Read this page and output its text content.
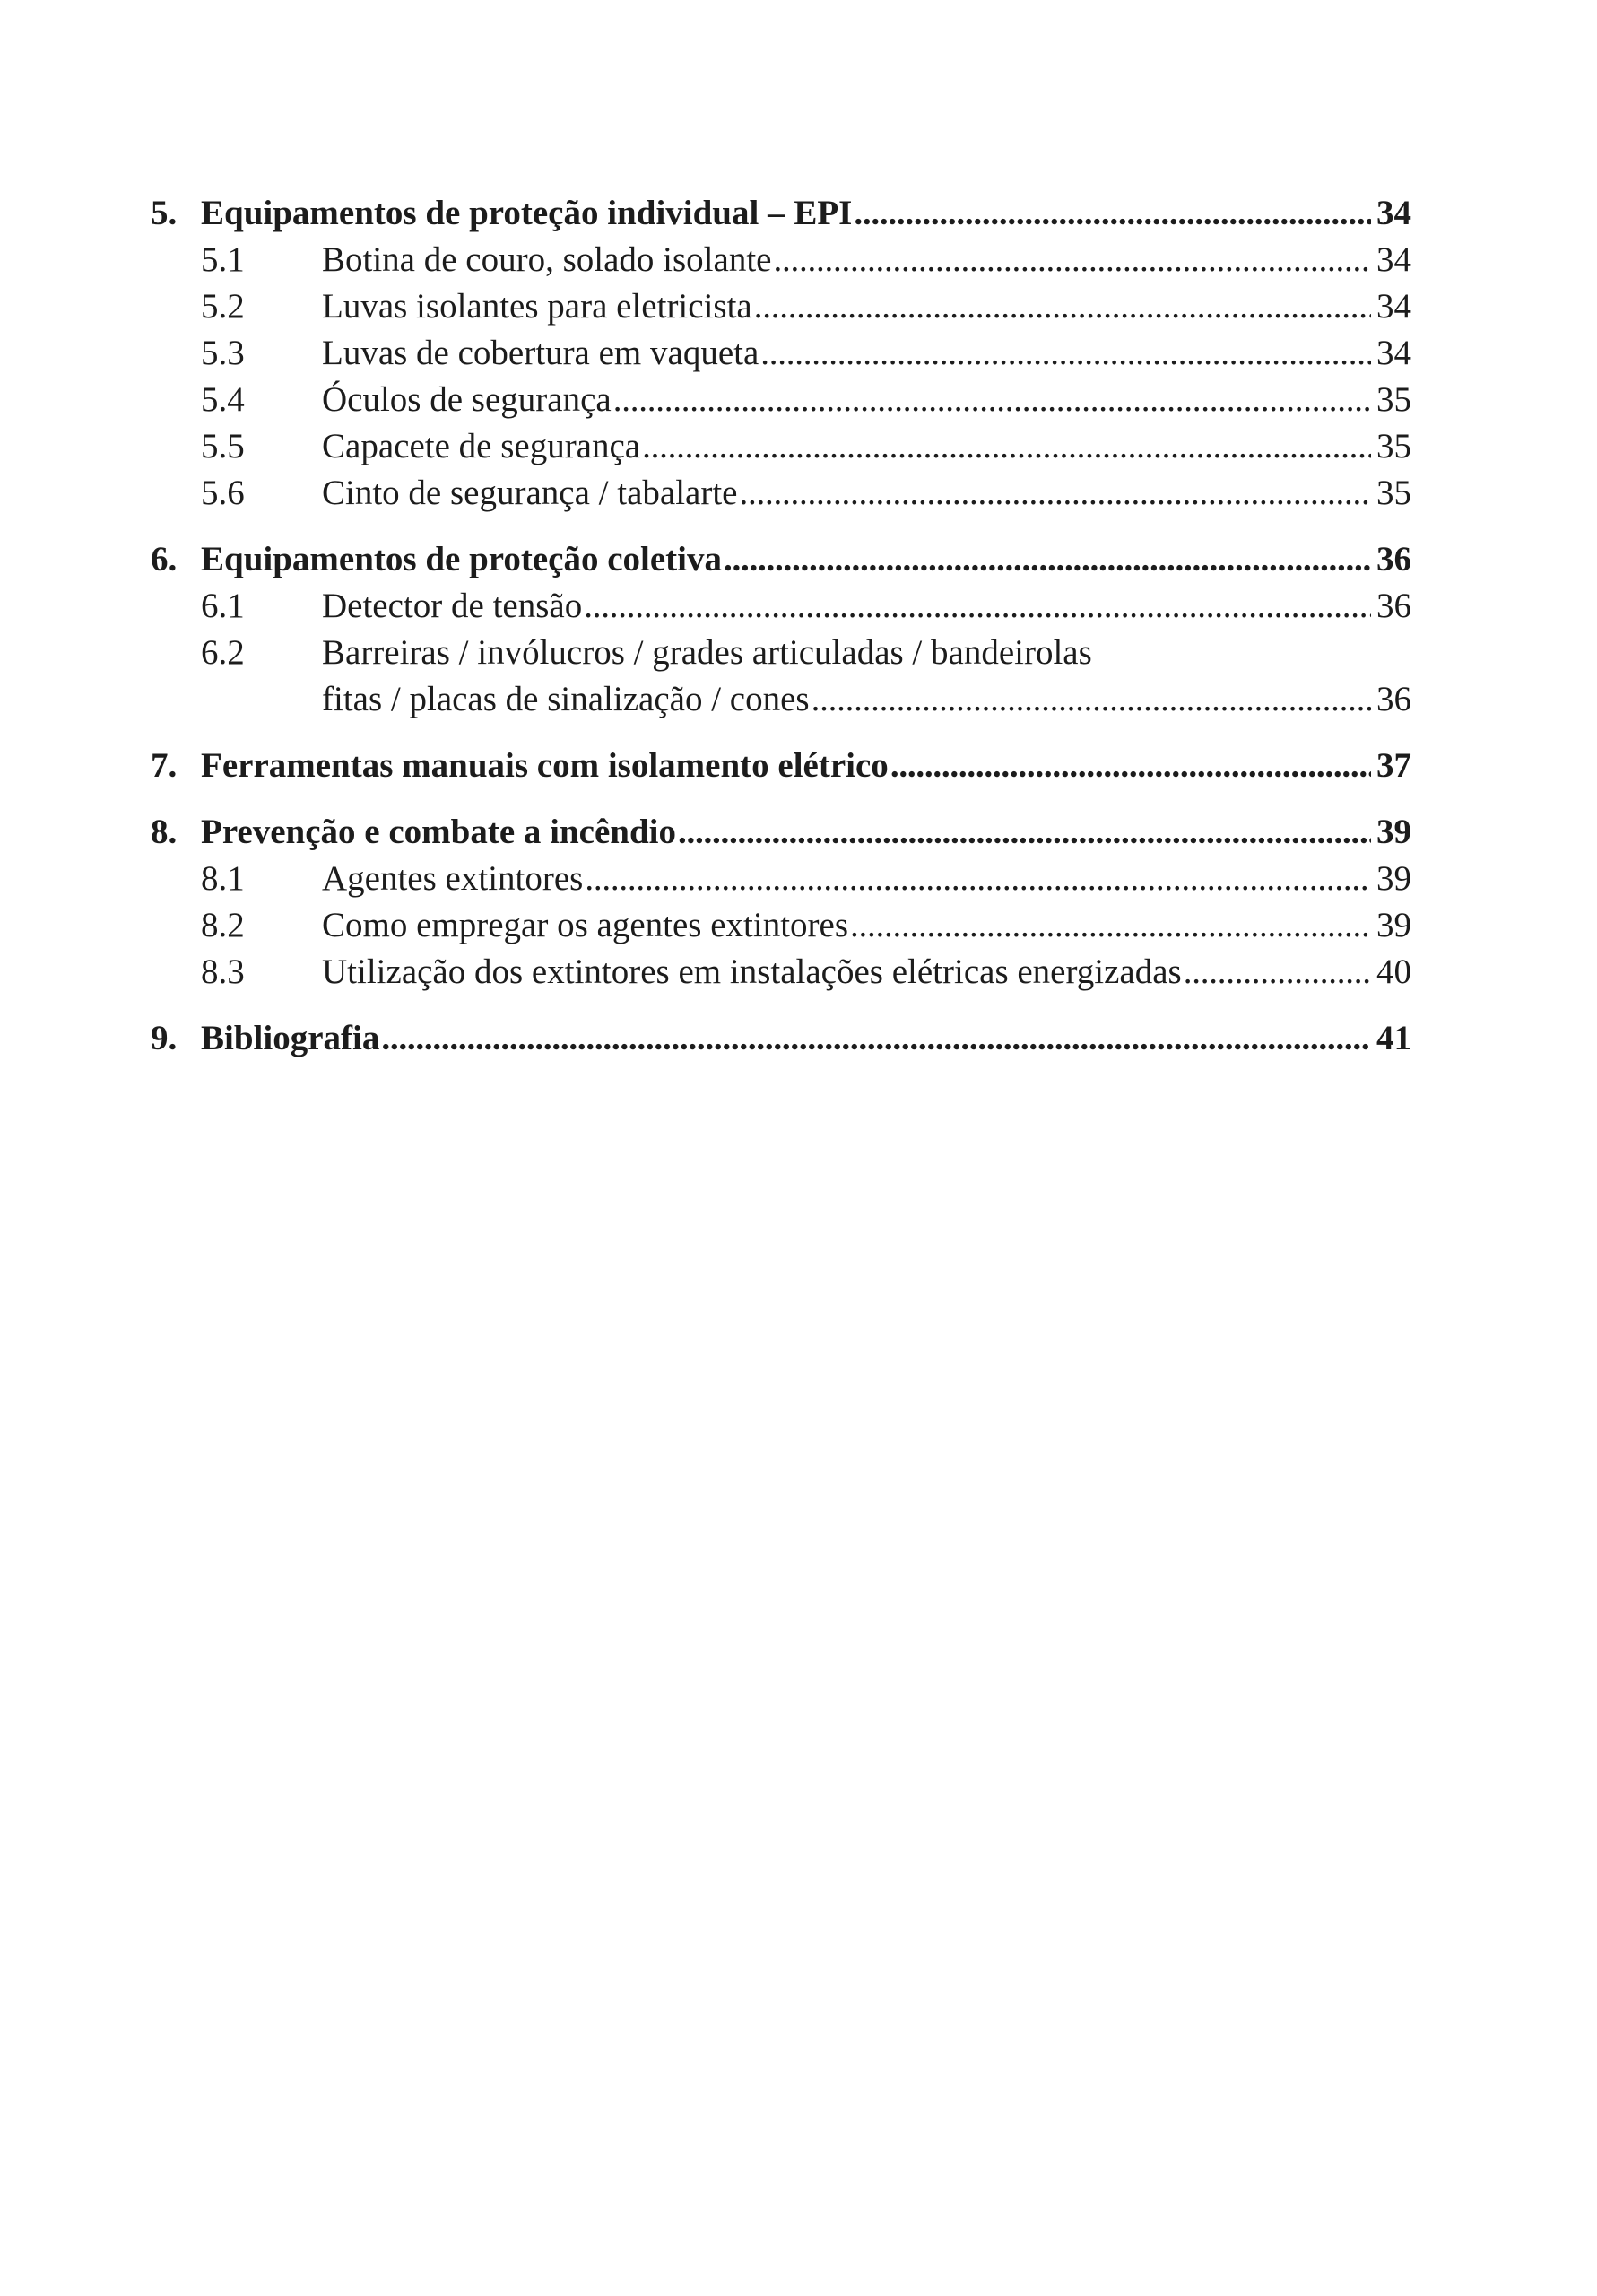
5. Equipamentos de proteção individual – EPI . . .	34
5.1	Botina de couro, solado isolante . . .	34
5.2	Luvas isolantes para eletricista . . .	34
5.3	Luvas de cobertura em vaqueta . . .	34
5.4	Óculos de segurança . . .	35
5.5	Capacete de segurança . . .	35
5.6	Cinto de segurança / tabalarte . . .	35
6. Equipamentos de proteção coletiva . . .	36
6.1	Detector de tensão . . .	36
6.2	Barreiras / invólucros / grades articuladas / bandeirolas
fitas / placas de sinalização / cones . . .	36
7. Ferramentas manuais com isolamento elétrico . . .	37
8. Prevenção e combate a incêndio . . .	39
8.1	Agentes extintores . . .	39
8.2	Como empregar os agentes extintores . . .	39
8.3	Utilização dos extintores em instalações elétricas energizadas . . .	40
9. Bibliografia . . .	41
